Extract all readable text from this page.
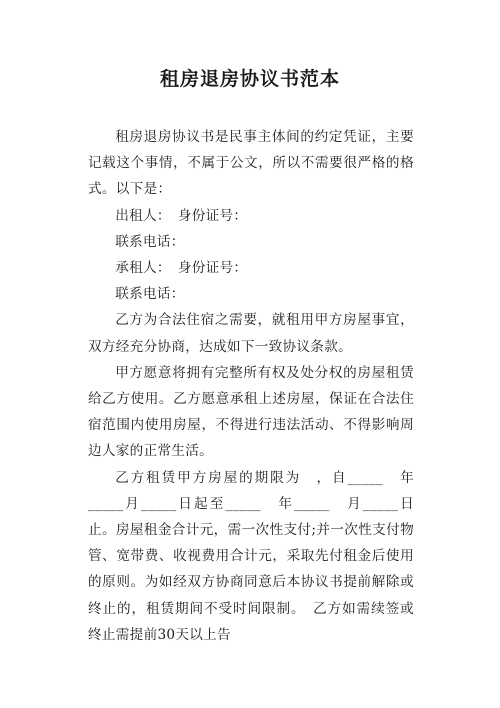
租房退房协议书范本

租房退房协议书是民事主体间的约定凭证，主要记载这个事情，不属于公文，所以不需要很严格的格式。以下是：

出租人：　身份证号：

联系电话：

承租人：　身份证号：

联系电话：

乙方为合法住宿之需要，就租用甲方房屋事宜，双方经充分协商，达成如下一致协议条款。

甲方愿意将拥有完整所有权及处分权的房屋租赁给乙方使用。乙方愿意承租上述房屋，保证在合法住宿范围内使用房屋，不得进行违法活动、不得影响周边人家的正常生活。

乙方租赁甲方房屋的期限为　，自_____　年_____月_____日起至_____　年_____　月_____日止。房屋租金合计元，需一次性支付;并一次性支付物管、宽带费、收视费用合计元，采取先付租金后使用的原则。为如经双方协商同意后本协议书提前解除或终止的，租赁期间不受时间限制。　乙方如需续签或终止需提前30天以上告
